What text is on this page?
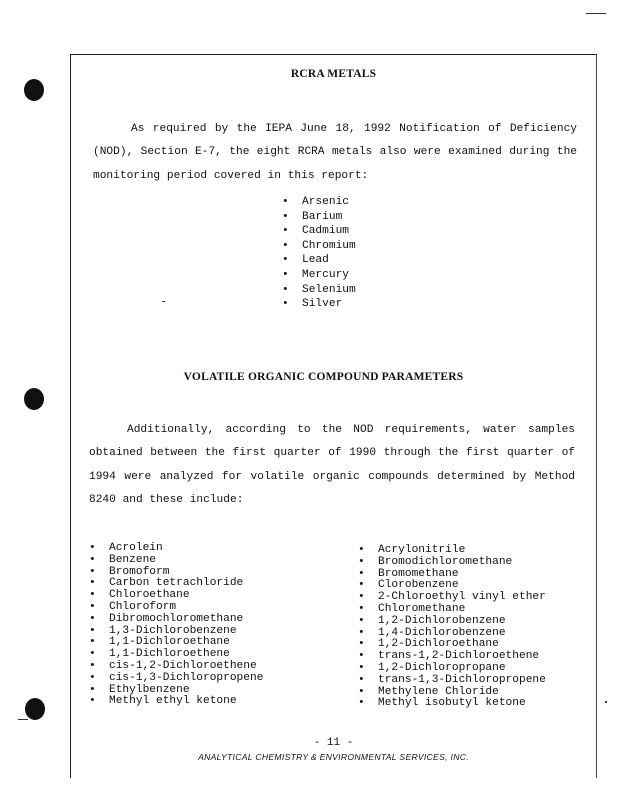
RCRA METALS

As required by the IEPA June 18, 1992 Notification of Deficiency (NOD), Section E-7, the eight RCRA metals also were examined during the monitoring period covered in this report:

• Arsenic
• Barium
• Cadmium
• Chromium
• Lead
• Mercury
• Selenium
• Silver
VOLATILE ORGANIC COMPOUND PARAMETERS

Additionally, according to the NOD requirements, water samples obtained between the first quarter of 1990 through the first quarter of 1994 were analyzed for volatile organic compounds determined by Method 8240 and these include:

• Acrolein
• Benzene
• Bromoform
• Carbon tetrachloride
• Chloroethane
• Chloroform
• Dibromochloromethane
• 1,3-Dichlorobenzene
• 1,1-Dichloroethane
• 1,1-Dichloroethene
• cis-1,2-Dichloroethene
• cis-1,3-Dichloropropene
• Ethylbenzene
• Methyl ethyl ketone
• Acrylonitrile
• Bromodichloromethane
• Bromomethane
• Clorobenzene
• 2-Chloroethyl vinyl ether
• Chloromethane
• 1,2-Dichlorobenzene
• 1,4-Dichlorobenzene
• 1,2-Dichloroethane
• trans-1,2-Dichloroethene
• 1,2-Dichloropropane
• trans-1,3-Dichloropropene
• Methylene Chloride
• Methyl isobutyl ketone
- 11 -
ANALYTICAL CHEMISTRY & ENVIRONMENTAL SERVICES, INC.
